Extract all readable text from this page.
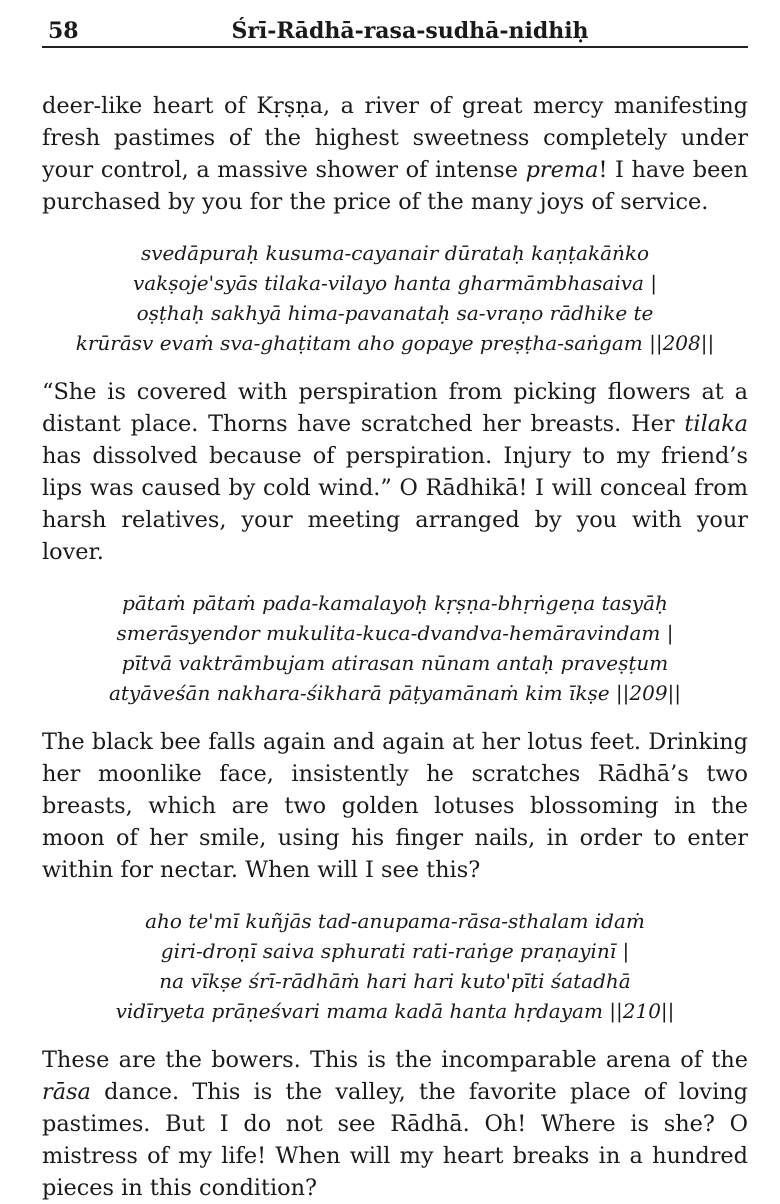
58	Śrī-Rādhā-rasa-sudhā-nidhiḥ

deer-like heart of Kṛṣṇa, a river of great mercy manifesting fresh pastimes of the highest sweetness completely under your control, a massive shower of intense prema! I have been purchased by you for the price of the many joys of service.

svedāpuraḥ kusuma-cayanair dūrataḥ kaṇṭakāṅko
vakṣoje'syās tilaka-vilayo hanta gharmāmbhasaiva |
oṣṭhaḥ sakhyā hima-pavanataḥ sa-vraṇo rādhike te
krūrāsv evaṁ sva-ghaṭitam aho gopaye preṣṭha-saṅgam ||208||

“She is covered with perspiration from picking flowers at a distant place. Thorns have scratched her breasts. Her tilaka has dissolved because of perspiration. Injury to my friend’s lips was caused by cold wind.” O Rādhikā! I will conceal from harsh relatives, your meeting arranged by you with your lover.

pātaṁ pātaṁ pada-kamalayoḥ kṛṣṇa-bhṛṅgeṇa tasyāḥ
smerāsyendor mukulita-kuca-dvandva-hemāravindam |
pītvā vaktrāmbujam atirasan nūnam antaḥ praveṣṭum
atyāveśān nakhara-śikharā pāṭyamānaṁ kim īkṣe ||209||

The black bee falls again and again at her lotus feet. Drinking her moonlike face, insistently he scratches Rādhā’s two breasts, which are two golden lotuses blossoming in the moon of her smile, using his finger nails, in order to enter within for nectar. When will I see this?

aho te'mī kuñjās tad-anupama-rāsa-sthalam idaṁ
giri-droṇī saiva sphurati rati-raṅge praṇayinī |
na vīkṣe śrī-rādhāṁ hari hari kuto'pīti śatadhā
vidīryeta prāṇeśvari mama kadā hanta hṛdayam ||210||

These are the bowers. This is the incomparable arena of the rāsa dance. This is the valley, the favorite place of loving pastimes. But I do not see Rādhā. Oh! Where is she? O mistress of my life! When will my heart breaks in a hundred pieces in this condition?
